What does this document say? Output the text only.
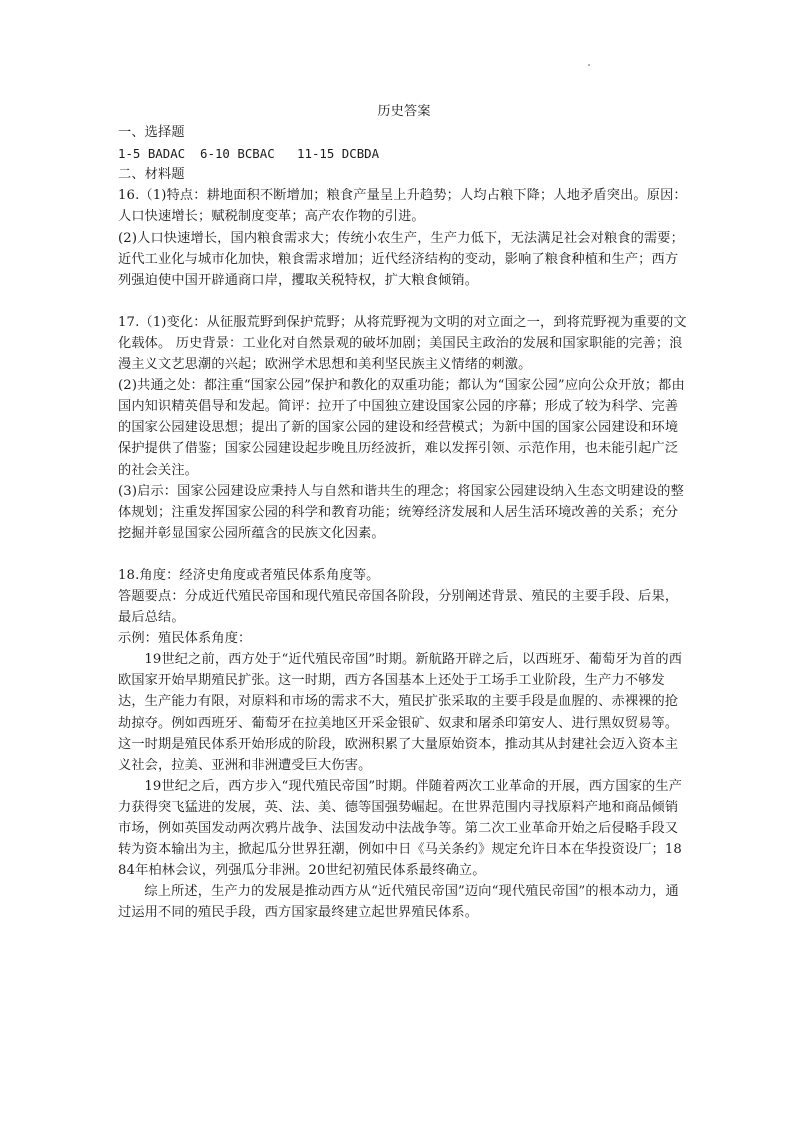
历史答案

一、选择题

1-5 BADAC  6-10 BCBAC   11-15 DCBDA

二、材料题

16.（1)特点：耕地面积不断增加；粮食产量呈上升趋势；人均占粮下降；人地矛盾突出。原因：人口快速增长；赋税制度变革；高产农作物的引进。

(2)人口快速增长，国内粮食需求大；传统小农生产，生产力低下，无法满足社会对粮食的需要；近代工业化与城市化加快，粮食需求增加；近代经济结构的变动，影响了粮食种植和生产；西方列强迫使中国开辟通商口岸，攫取关税特权，扩大粮食倾销。

17.（1)变化：从征服荒野到保护荒野；从将荒野视为文明的对立面之一，到将荒野视为重要的文化载体。 历史背景：工业化对自然景观的破坏加剧；美国民主政治的发展和国家职能的完善；浪漫主义文艺思潮的兴起；欧洲学术思想和美利坚民族主义情绪的刺激。

(2)共通之处：都注重“国家公园”保护和教化的双重功能；都认为“国家公园”应向公众开放；都由国内知识精英倡导和发起。简评：拉开了中国独立建设国家公园的序幕；形成了较为科学、完善的国家公园建设思想；提出了新的国家公园的建设和经营模式；为新中国的国家公园建设和环境保护提供了借鉴；国家公园建设起步晚且历经波折，难以发挥引领、示范作用，也未能引起广泛的社会关注。

(3)启示：国家公园建设应秉持人与自然和谐共生的理念；将国家公园建设纳入生态文明建设的整体规划；注重发挥国家公园的科学和教育功能；统筹经济发展和人居生活环境改善的关系；充分挖掘并彰显国家公园所蕴含的民族文化因素。

18.角度：经济史角度或者殖民体系角度等。

答题要点：分成近代殖民帝国和现代殖民帝国各阶段，分别阐述背景、殖民的主要手段、后果，最后总结。

示例：殖民体系角度：

19世纪之前，西方处于“近代殖民帝国”时期。新航路开辟之后，以西班牙、葡萄牙为首的西欧国家开始早期殖民扩张。这一时期，西方各国基本上还处于工场手工业阶段，生产力不够发达，生产能力有限，对原料和市场的需求不大，殖民扩张采取的主要手段是血腥的、赤裸裸的抢劫掠夺。例如西班牙、葡萄牙在拉美地区开采金银矿、奴隶和屠杀印第安人、进行黑奴贸易等。这一时期是殖民体系开始形成的阶段，欧洲积累了大量原始资本，推动其从封建社会迈入资本主义社会，拉美、亚洲和非洲遭受巨大伤害。

19世纪之后，西方步入“现代殖民帝国”时期。伴随着两次工业革命的开展，西方国家的生产力获得突飞猛进的发展，英、法、美、德等国强势崛起。在世界范围内寻找原料产地和商品倾销市场，例如英国发动两次鸦片战争、法国发动中法战争等。第二次工业革命开始之后侵略手段又转为资本输出为主，掀起瓜分世界狂潮，例如中日《马关条约》规定允许日本在华投资设厂；1884年柏林会议，列强瓜分非洲。20世纪初殖民体系最终确立。

综上所述，生产力的发展是推动西方从“近代殖民帝国”迈向“现代殖民帝国”的根本动力，通过运用不同的殖民手段，西方国家最终建立起世界殖民体系。
